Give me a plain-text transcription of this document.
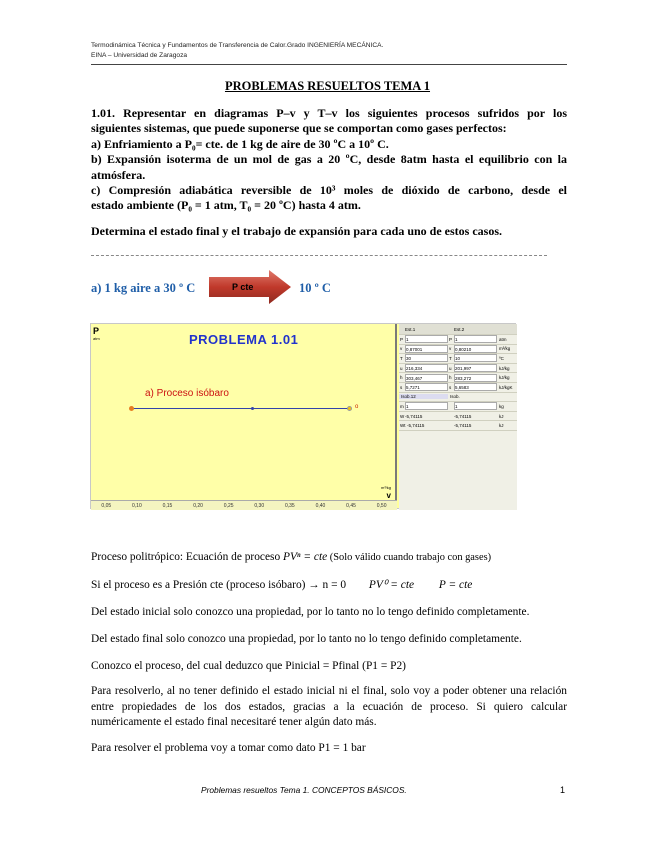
Termodinámica Técnica y Fundamentos de Transferencia de Calor.Grado INGENIERÍA MECÁNICA.
EINA – Universidad de Zaragoza
PROBLEMAS RESUELTOS TEMA 1
1.01. Representar en diagramas P–v y T–v los siguientes procesos sufridos por los
siguientes sistemas, que puede suponerse que se comportan como gases perfectos:
a) Enfriamiento a P₀= cte. de 1 kg de aire de 30 ºC a 10º C.
b) Expansión isoterma de un mol de gas a 20 ºC, desde 8atm hasta el equilibrio con la
atmósfera.
c) Compresión adiabática reversible de 10³ moles de dióxido de carbono, desde el
estado ambiente (P₀ = 1 atm, T₀ = 20 ºC) hasta 4 atm.
Determina el estado final y el trabajo de expansión para cada uno de estos casos.
a) 1 kg aire a 30 º C	P cte	10 º C
P
atm	PROBLEMA 1.01
a) Proceso isóbaro
o
m³/kg
v
0,05	0,10	0,15	0,20	0,25	0,30	0,35	0,40	0,45	0,50
Est.1	Est.2
P 1	P 1	atm
v 0,87001	v 0,80210	m³/kg
T 30	T 10	ºC
u 216,334	u 201,997	kJ/kg
h 303,467	h 283,272	kJ/kg
s 5,7271	s 5,6583	kJ/kgK
Isob.12	Isob.
m 1	1	kg
W -5,74115	-5,74115	kJ
Wt -5,74115	-5,74115	kJ
Proceso politrópico: Ecuación de proceso PVⁿ = cte (Solo válido cuando trabajo con gases)
Si el proceso es a Presión cte (proceso isóbaro) → n = 0 PV⁰ = cte P = cte
Del estado inicial solo conozco una propiedad, por lo tanto no lo tengo definido completamente.
Del estado final solo conozco una propiedad, por lo tanto no lo tengo definido completamente.
Conozco el proceso, del cual deduzco que Pinicial = Pfinal (P1 = P2)
Para resolverlo, al no tener definido el estado inicial ni el final, solo voy a poder obtener una relación entre propiedades de los dos estados, gracias a la ecuación de proceso. Si quiero calcular numéricamente el estado final necesitaré tener algún dato más.
Para resolver el problema voy a tomar como dato P1 = 1 bar
Problemas resueltos Tema 1. CONCEPTOS BÁSICOS.	1
